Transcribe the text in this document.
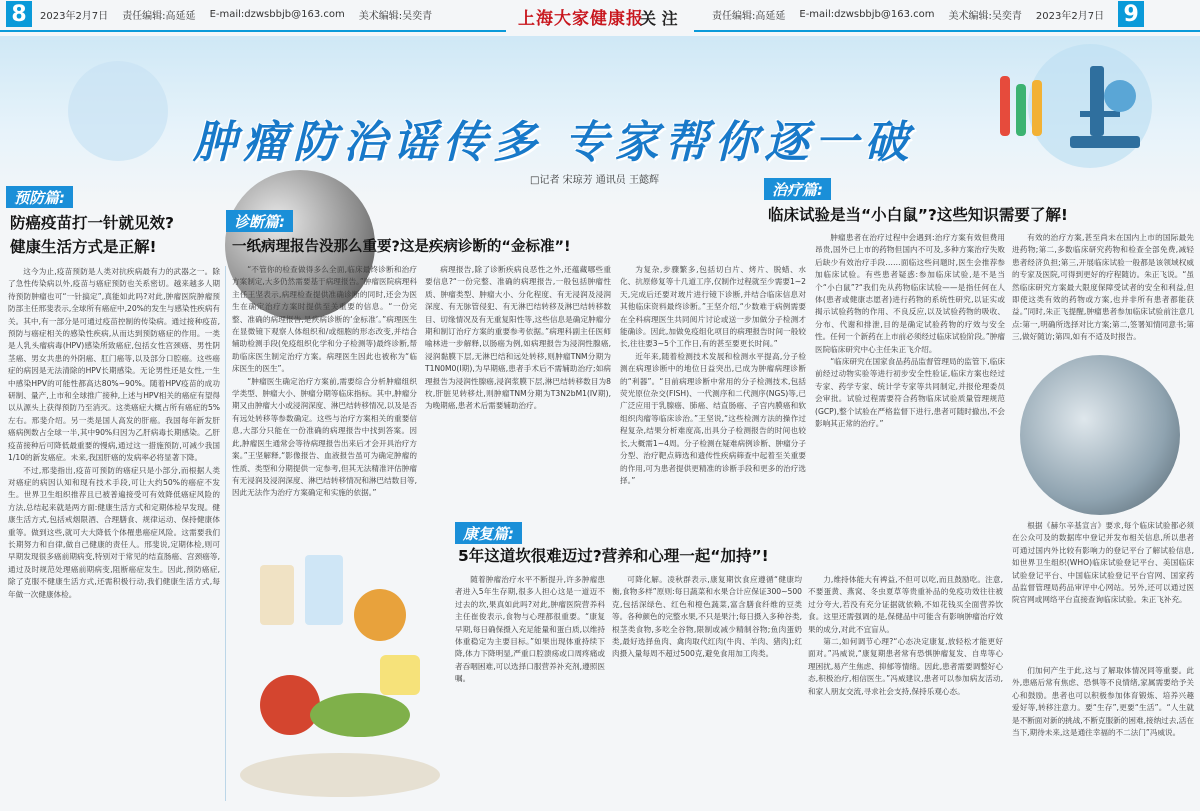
8	2023年2月7日 责任编辑:高延延 E-mail:dzwsbbjb@163.com 美术编辑:吴奕青	上海大家健康报
关 注	责任编辑:高延延 E-mail:dzwsbbjb@163.com 美术编辑:吴奕青 2023年2月7日 9
肿瘤防治谣传多 专家帮你逐一破
□记者 宋琼芳 通讯员 王懿辉
预防篇:
防癌疫苗打一针就见效?
健康生活方式是正解!

这今为止,疫苗预防是人类对抗疾病最有力的武器之一。除了急性传染病以外,疫苗与癌症预防也关系密切。越来越多人期待预防肿瘤也可“一针搞定”,真能如此吗?对此,肿瘤医院肿瘤预防部主任邢斐表示,全球所有癌症中,20%的发生与感染性疾病有关。其中,有一部分是可通过疫苗控制的传染病。通过接种疫苗,预防与癌症相关的感染性疾病,从而达到预防癌症的作用。一类是人乳头瘤病毒(HPV)感染所致癌症,包括女性宫颈癌、男性阴茎癌、男女共患的外阴癌、肛门癌等,以及部分口腔癌。这些癌症的病因是无法清除的HPV长期感染。无论男性还是女性,一生中感染HPV的可能性都高达80%~90%。随着HPV疫苗的成功研制、量产,上市和全球推广接种,上述与HPV相关的癌症有望得以从源头上获得预防乃至消灭。这类癌症大概占所有癌症的5%左右。邢斐介绍。另一类是国人高发的肝癌。我国每年新发肝癌病例数占全球一半,其中90%归因为乙肝病毒长期感染。乙肝疫苗接种后可降低最重要的慢病,通过这一措施预防,可减少我国1/10的新发癌症。未来,我国肝癌的发病率必将显著下降。

不过,邢斐指出,疫苗可预防的癌症只是小部分,而根据人类对癌症的病因认知和现有技术手段,可让大约50%的癌症不发生。世界卫生组织推荐且已被普遍接受可有效降低癌症风险的方法,总结起来就是两方面:健康生活方式和定期体检早发现。健康生活方式,包括戒烟限酒、合理膳食、规律运动、保持健康体重等。做到这些,就可大大降低个体罹患癌症风险。这需要我们长期努力和自律,做自己健康的责任人。邢斐说,定期体检,则可早期发现很多癌前期病变,特别对于常见的结直肠癌、宫颈癌等,通过及时规范处理癌前期病变,阻断癌症发生。因此,预防癌症,除了克服不健康生活方式,还需积极行动,我们健康生活方式,每年做一次健康体检。

诊断篇:
一纸病理报告没那么重要?这是疾病诊断的“金标准”!

“不管你的检查做得多么全面,临床最终诊断和治疗方案制定,大多仍然需要基于病理报告。”肿瘤医院病理科主任王坚表示,病理检查提供准确诊断的同时,还会为医生在确定治疗方案时提供至关重要的信息。“一份完整、准确的病理报告,是疾病诊断的‘金标准’。”病理医生在显微镜下观察人体组织和/或细胞的形态改变,并结合辅助检测手段(免疫组织化学和分子检测等)最终诊断,帮助临床医生制定治疗方案。病理医生因此也被称为“临床医生的医生”。

“肿瘤医生确定治疗方案前,需要综合分析肿瘤组织学类型、肿瘤大小、肿瘤分期等临床指标。其中,肿瘤分期又由肿瘤大小或浸润深度、淋巴结转移情况,以及是否有远处转移等参数确定。这些与治疗方案相关的重要信息,大部分只能在一份准确的病理报告中找到答案。因此,肿瘤医生通常会等待病理报告出来后才会开具治疗方案。”王坚解释,“影像报告、血液报告虽可为确定肿瘤的性质、类型和分期提供一定参考,但其无法精准评估肿瘤有无浸润及浸润深度、淋巴结转移情况和淋巴结数目等,因此无法作为治疗方案确定和实施的依据。”

病理报告,除了诊断疾病良恶性之外,还蕴藏哪些重要信息?“一份完整、准确的病理报告,一般包括肿瘤性质、肿瘤类型、肿瘤大小、分化程度、有无浸润及浸润深度、有无脉管侵犯、有无淋巴结转移及淋巴结转移数目、切缘情况及有无重复阳性等,这些信息是确定肿瘤分期和制订治疗方案的重要参考依据。”病理科副主任医师喻林进一步解释,以肠癌为例,如病理报告为浸润性腺癌,浸润黏膜下层,无淋巴结和远处转移,则肿瘤TNM分期为T1N0M0(I期),为早期癌,患者手术后不需辅助治疗;如病理报告为浸润性腺癌,浸润浆膜下层,淋巴结转移数目为8枚,肝脏见转移灶,则肿瘤TNM分期为T3N2bM1(IV期),为晚期癌,患者术后需要辅助治疗。

为复杂,步骤繁多,包括切白片、烤片、脱蜡、水化、抗原修复等十几道工序,仅制作过程就至少需要1~2天,完成后还要对玻片进行镜下诊断,并结合临床信息对其他临床资料最终诊断。”王坚介绍,“少数难于病例需要在全科病理医生共同阅片讨论或送一步加做分子检测才能确诊。因此,加做免疫组化项目的病理报告时间一般较长,往往要3~5个工作日,有的甚至要更长时间。”

近年来,随着检测技术发展和检测水平提高,分子检测在病理诊断中的地位日益突出,已成为肿瘤病理诊断的“利器”。“目前病理诊断中常用的分子检测技术,包括荧光原位杂交(FISH)、一代测序和二代测序(NGS)等,已广泛应用于乳腺癌、肺癌、结直肠癌、子宫内膜癌和软组织肉瘤等临床诊治。”王坚说,“这些检测方法的操作过程复杂,结果分析难度高,出具分子检测报告的时间也较长,大概需1~4周。分子检测在疑难病例诊断、肿瘤分子分型、治疗靶点筛选和遗传性疾病筛查中起着至关重要的作用,可为患者提供更精准的诊断手段和更多的治疗选择。”

治疗篇:
临床试验是当“小白鼠”?这些知识需要了解!

肿瘤患者在治疗过程中会遇到:治疗方案有效但费用昂贵,国外已上市的药物但国内不可及,多种方案治疗失败后缺少有效治疗手段……面临这些问题时,医生会推荐参加临床试验。有些患者疑惑:参加临床试验,是不是当个“小白鼠”?“我们先从药物临床试验——是指任何在人体(患者或健康志愿者)进行药物的系统性研究,以证实或揭示试验药物的作用、不良反应,以及试验药物的吸收、分布、代谢和排泄,目的是确定试验药物的疗效与安全性。任何一个新药在上市前必须经过临床试验阶段。”肿瘤医院临床研究中心主任朱正飞介绍。

“临床研究在国家食品药品监督管理局的监管下,临床前经过动物实验等进行初步安全性验证,临床方案也经过专家、药学专家、统计学专家等共同制定,并报伦理委员会审批。试验过程需要符合药物临床试验质量管理规范(GCP),整个试验在严格监督下进行,患者可随时撤出,不会影响其正常的治疗。”

有效的治疗方案,甚至尚未在国内上市的国际最先进药物;第二,多数临床研究药物和检查全部免费,减轻患者经济负担;第三,开展临床试验一般都是该领域权威的专家及医院,可得到更好的疗程随访。朱正飞说。“虽然临床研究方案最大限度保障受试者的安全和利益,但即使这类有效的药物或方案,也并非所有患者都能获益。”同时,朱正飞提醒,肿瘤患者参加临床试验前注意几点:第一,明确所选择对比方案;第二,签署知情同意书;第三,做好随访;第四,如有不适及时报告。

根据《赫尔辛基宣言》要求,每个临床试验都必须在公众可及的数据库中登记并发布相关信息,所以患者可通过国内外比较有影响力的登记平台了解试验信息,如世界卫生组织(WHO)临床试验登记平台、美国临床试验登记平台、中国临床试验登记平台官网、国家药品监督管理局药品审评中心网站。另外,还可以通过医院官网或网络平台直接查询临床试验。朱正飞补充。

康复篇:
5年这道坎很难迈过?营养和心理一起“加持”!

随着肿瘤治疗水平不断提升,许多肿瘤患者进入5年生存期,很多人担心这是一道迈不过去的坎,果真如此吗?对此,肿瘤医院营养科主任崔俊表示,食物与心理都很重要。“康复早期,每日确保摄入充足能量和蛋白质,以维持体重稳定为主要目标。”如果出现体重持续下降,体力下降明显,严重口腔溃疡或口周疼痛或者吞咽困难,可以选择口服营养补充剂,遵照医嘱。

可降化解。凌秋群表示,康复期饮食应遵循“健康均衡,食物多样”原则:每日蔬菜和水果合计应保证300~500克,包括深绿色、红色和橙色蔬菜,富含膳食纤维的豆类等。各种颜色的完整水果,不只是果汁;每日摄入多种谷类,根茎类食物,多吃全谷物,限制或减少精制谷物;鱼肉蛋奶类,最好选择鱼肉、禽肉取代红肉(牛肉、羊肉、猪肉);红肉摄入量每周不超过500克,避免食用加工肉类。

力,维持体能大有裨益,不但可以吃,而且鼓励吃。注意,不要蛋黄、燕窝、冬虫夏草等贵重补品的免疫功效往往被过分夸大,若没有充分证据就依赖,不如花钱买全面营养饮食。这里还需强调的是,保健品中可能含有影响肿瘤治疗效果的成分,对此不宜盲从。

第二,如何调节心理?“心态决定康复,放轻松才能更好面对。”冯威说,“康复期患者常有恐惧肿瘤复发、自卑等心理困扰,易产生焦虑、抑郁等情绪。因此,患者需要调整好心态,积极治疗,相信医生。”冯威建议,患者可以参加病友活动,和家人朋友交流,寻求社会支持,保持乐观心态。

们加何产生于此,这与了解取体情况同等重要。此外,患癌后常有焦虑、恐惧等不良情绪,家属需要给予关心和鼓励。患者也可以积极参加体育锻炼、培养兴趣爱好等,转移注意力。要“生存”,更要“生活”。“人生就是不断面对新的挑战,不断克服新的困难,接纳过去,活在当下,期待未来,这是通往幸福的不二法门”冯威说。
